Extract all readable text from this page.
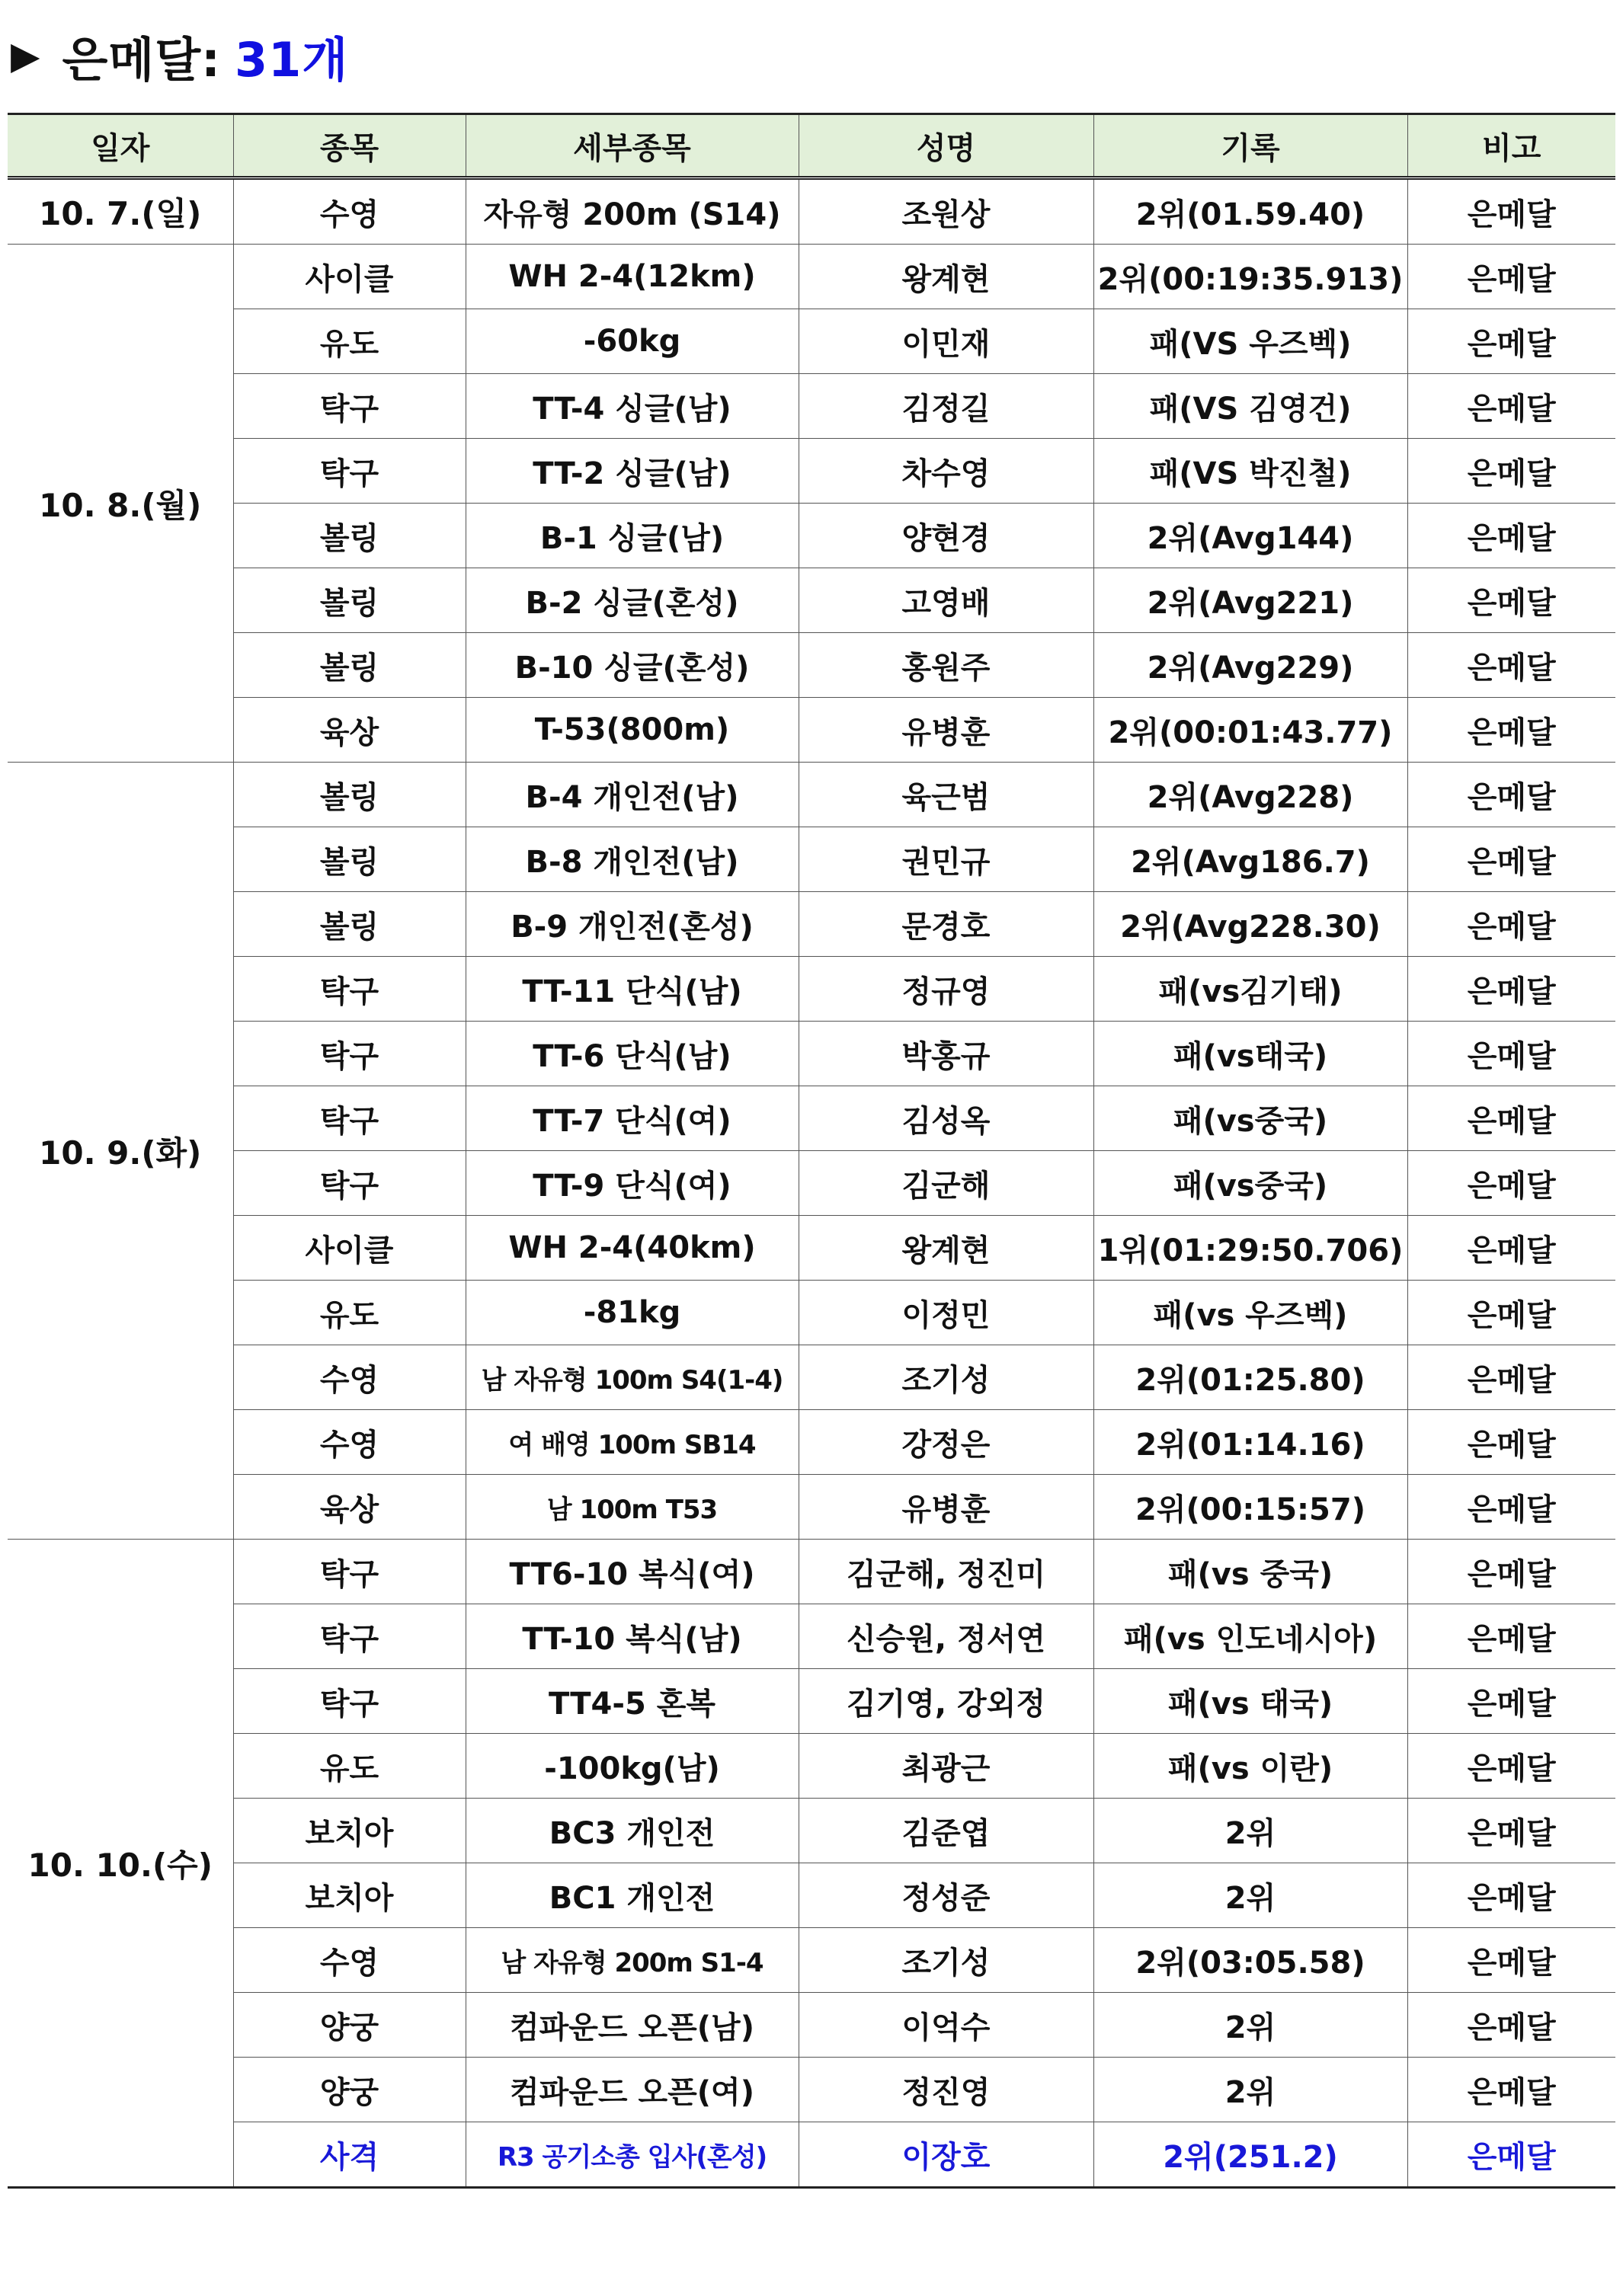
▶ 은메달: 31개
일자	종목	세부종목	성명	기록	비고
10. 7.(일)	수영	자유형 200m (S14)	조원상	2위(01.59.40)	은메달
10. 8.(월)	사이클	WH 2-4(12km)	왕계현	2위(00:19:35.913)	은메달
	유도	-60kg	이민재	패(VS 우즈벡)	은메달
	탁구	TT-4 싱글(남)	김정길	패(VS 김영건)	은메달
	탁구	TT-2 싱글(남)	차수영	패(VS 박진철)	은메달
	볼링	B-1 싱글(남)	양현경	2위(Avg144)	은메달
	볼링	B-2 싱글(혼성)	고영배	2위(Avg221)	은메달
	볼링	B-10 싱글(혼성)	홍원주	2위(Avg229)	은메달
	육상	T-53(800m)	유병훈	2위(00:01:43.77)	은메달
10. 9.(화)	볼링	B-4 개인전(남)	육근범	2위(Avg228)	은메달
	볼링	B-8 개인전(남)	권민규	2위(Avg186.7)	은메달
	볼링	B-9 개인전(혼성)	문경호	2위(Avg228.30)	은메달
	탁구	TT-11 단식(남)	정규영	패(vs김기태)	은메달
	탁구	TT-6 단식(남)	박홍규	패(vs태국)	은메달
	탁구	TT-7 단식(여)	김성옥	패(vs중국)	은메달
	탁구	TT-9 단식(여)	김군해	패(vs중국)	은메달
	사이클	WH 2-4(40km)	왕계현	1위(01:29:50.706)	은메달
	유도	-81kg	이정민	패(vs 우즈벡)	은메달
	수영	남 자유형 100m S4(1-4)	조기성	2위(01:25.80)	은메달
	수영	여 배영 100m SB14	강정은	2위(01:14.16)	은메달
	육상	남 100m T53	유병훈	2위(00:15:57)	은메달
10. 10.(수)	탁구	TT6-10 복식(여)	김군해, 정진미	패(vs 중국)	은메달
	탁구	TT-10 복식(남)	신승원, 정서연	패(vs 인도네시아)	은메달
	탁구	TT4-5 혼복	김기영, 강외정	패(vs 태국)	은메달
	유도	-100kg(남)	최광근	패(vs 이란)	은메달
	보치아	BC3 개인전	김준엽	2위	은메달
	보치아	BC1 개인전	정성준	2위	은메달
	수영	남 자유형 200m S1-4	조기성	2위(03:05.58)	은메달
	양궁	컴파운드 오픈(남)	이억수	2위	은메달
	양궁	컴파운드 오픈(여)	정진영	2위	은메달
	사격	R3 공기소총 입사(혼성)	이장호	2위(251.2)	은메달
